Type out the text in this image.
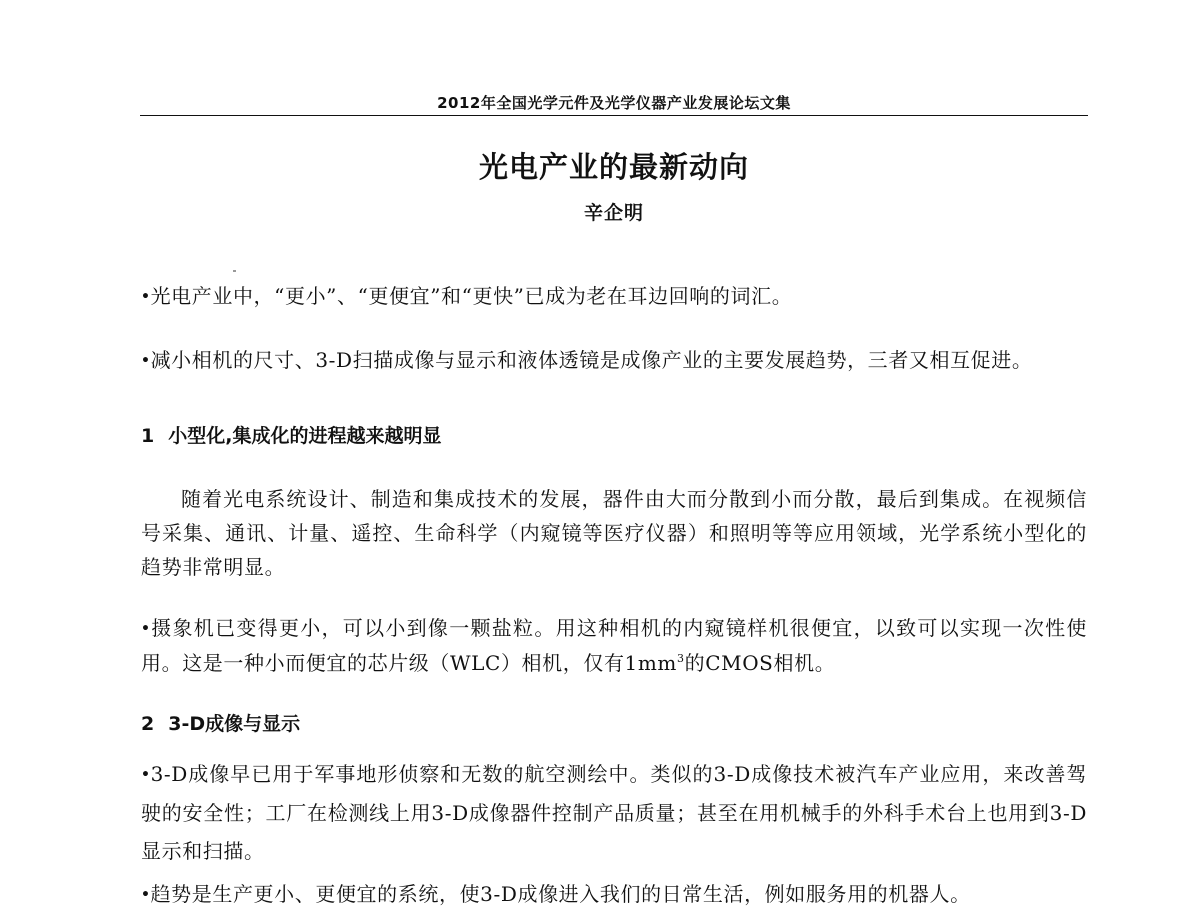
2012年全国光学元件及光学仪器产业发展论坛文集
光电产业的最新动向
辛企明

•光电产业中，“更小”、“更便宜”和“更快”已成为老在耳边回响的词汇。

•减小相机的尺寸、3-D扫描成像与显示和液体透镜是成像产业的主要发展趋势，三者又相互促进。

1 小型化,集成化的进程越来越明显

随着光电系统设计、制造和集成技术的发展，器件由大而分散到小而分散，最后到集成。在视频信号采集、通讯、计量、遥控、生命科学（内窥镜等医疗仪器）和照明等等应用领域，光学系统小型化的趋势非常明显。

•摄象机已变得更小，可以小到像一颗盐粒。用这种相机的内窥镜样机很便宜，以致可以实现一次性使用。这是一种小而便宜的芯片级（WLC）相机，仅有$1mm^3$的CMOS相机。

2 3-D成像与显示

•3-D成像早已用于军事地形侦察和无数的航空测绘中。类似的3-D成像技术被汽车产业应用，来改善驾驶的安全性；工厂在检测线上用3-D成像器件控制产品质量；甚至在用机械手的外科手术台上也用到3-D显示和扫描。

•趋势是生产更小、更便宜的系统，使3-D成像进入我们的日常生活，例如服务用的机器人。
